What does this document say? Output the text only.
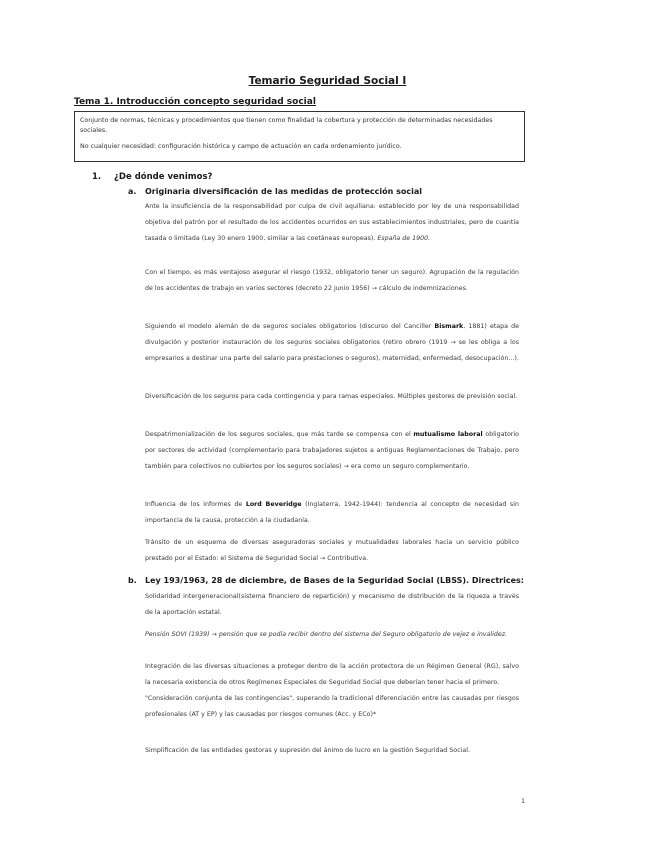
Temario Seguridad Social I
Tema 1. Introducción concepto seguridad social

Conjunto de normas, técnicas y procedimientos que tienen como finalidad la cobertura y protección de determinadas necesidades sociales.

No cualquier necesidad: configuración histórica y campo de actuación en cada ordenamiento jurídico.

1. ¿De dónde venimos?
a. Originaria diversificación de las medidas de protección social

Ante la insuficiencia de la responsabilidad por culpa de civil aquiliana: establecido por ley de una responsabilidad objetiva del patrón por el resultado de los accidentes ocurridos en sus establecimientos industriales, pero de cuantía tasada o limitada (Ley 30 enero 1900, similar a las coetáneas europeas). España de 1900.

Con el tiempo, es más ventajoso asegurar el riesgo (1932, obligatorio tener un seguro). Agrupación de la regulación de los accidentes de trabajo en varios sectores (decreto 22 junio 1956) → cálculo de indemnizaciones.

Siguiendo el modelo alemán de de seguros sociales obligatorios (discurso del Canciller Bismark, 1881) etapa de divulgación y posterior instauración de los seguros sociales obligatorios (retiro obrero (1919 → se les obliga a los empresarios a destinar una parte del salario para prestaciones o seguros), maternidad, enfermedad, desocupación...).

Diversificación de los seguros para cada contingencia y para ramas especiales. Múltiples gestores de previsión social.

Despatrimonialización de los seguros sociales, que más tarde se compensa con el mutualismo laboral obligatorio por sectores de actividad (complementario para trabajadores sujetos a antiguas Reglamentaciones de Trabajo, pero también para colectivos no cubiertos por los seguros sociales) → era como un seguro complementario.

Influencia de los informes de Lord Beveridge (Inglaterra, 1942-1944): tendencia al concepto de necesidad sin importancia de la causa, protección a la ciudadanía.

Tránsito de un esquema de diversas aseguradoras sociales y mutualidades laborales hacia un servicio público prestado por el Estado: el Sistema de Seguridad Social → Contributiva.

b. Ley 193/1963, 28 de diciembre, de Bases de la Seguridad Social (LBSS). Directrices:

Solidaridad intergeneracional(sistema financiero de repartición) y mecanismo de distribución de la riqueza a través de la aportación estatal.

Pensión SOVI (1939) → pensión que se podía recibir dentro del sistema del Seguro obligatorio de vejez e invalidez.

Integración de las diversas situaciones a proteger dentro de la acción protectora de un Régimen General (RG), salvo la necesaria existencia de otros Regímenes Especiales de Seguridad Social que deberían tener hacia el primero.
"Consideración conjunta de las contingencias", superando la tradicional diferenciación entre las causadas por riesgos profesionales (AT y EP) y las causadas por riesgos comunes (Acc. y ECo)*

Simplificación de las entidades gestoras y supresión del ánimo de lucro en la gestión Seguridad Social.

1
